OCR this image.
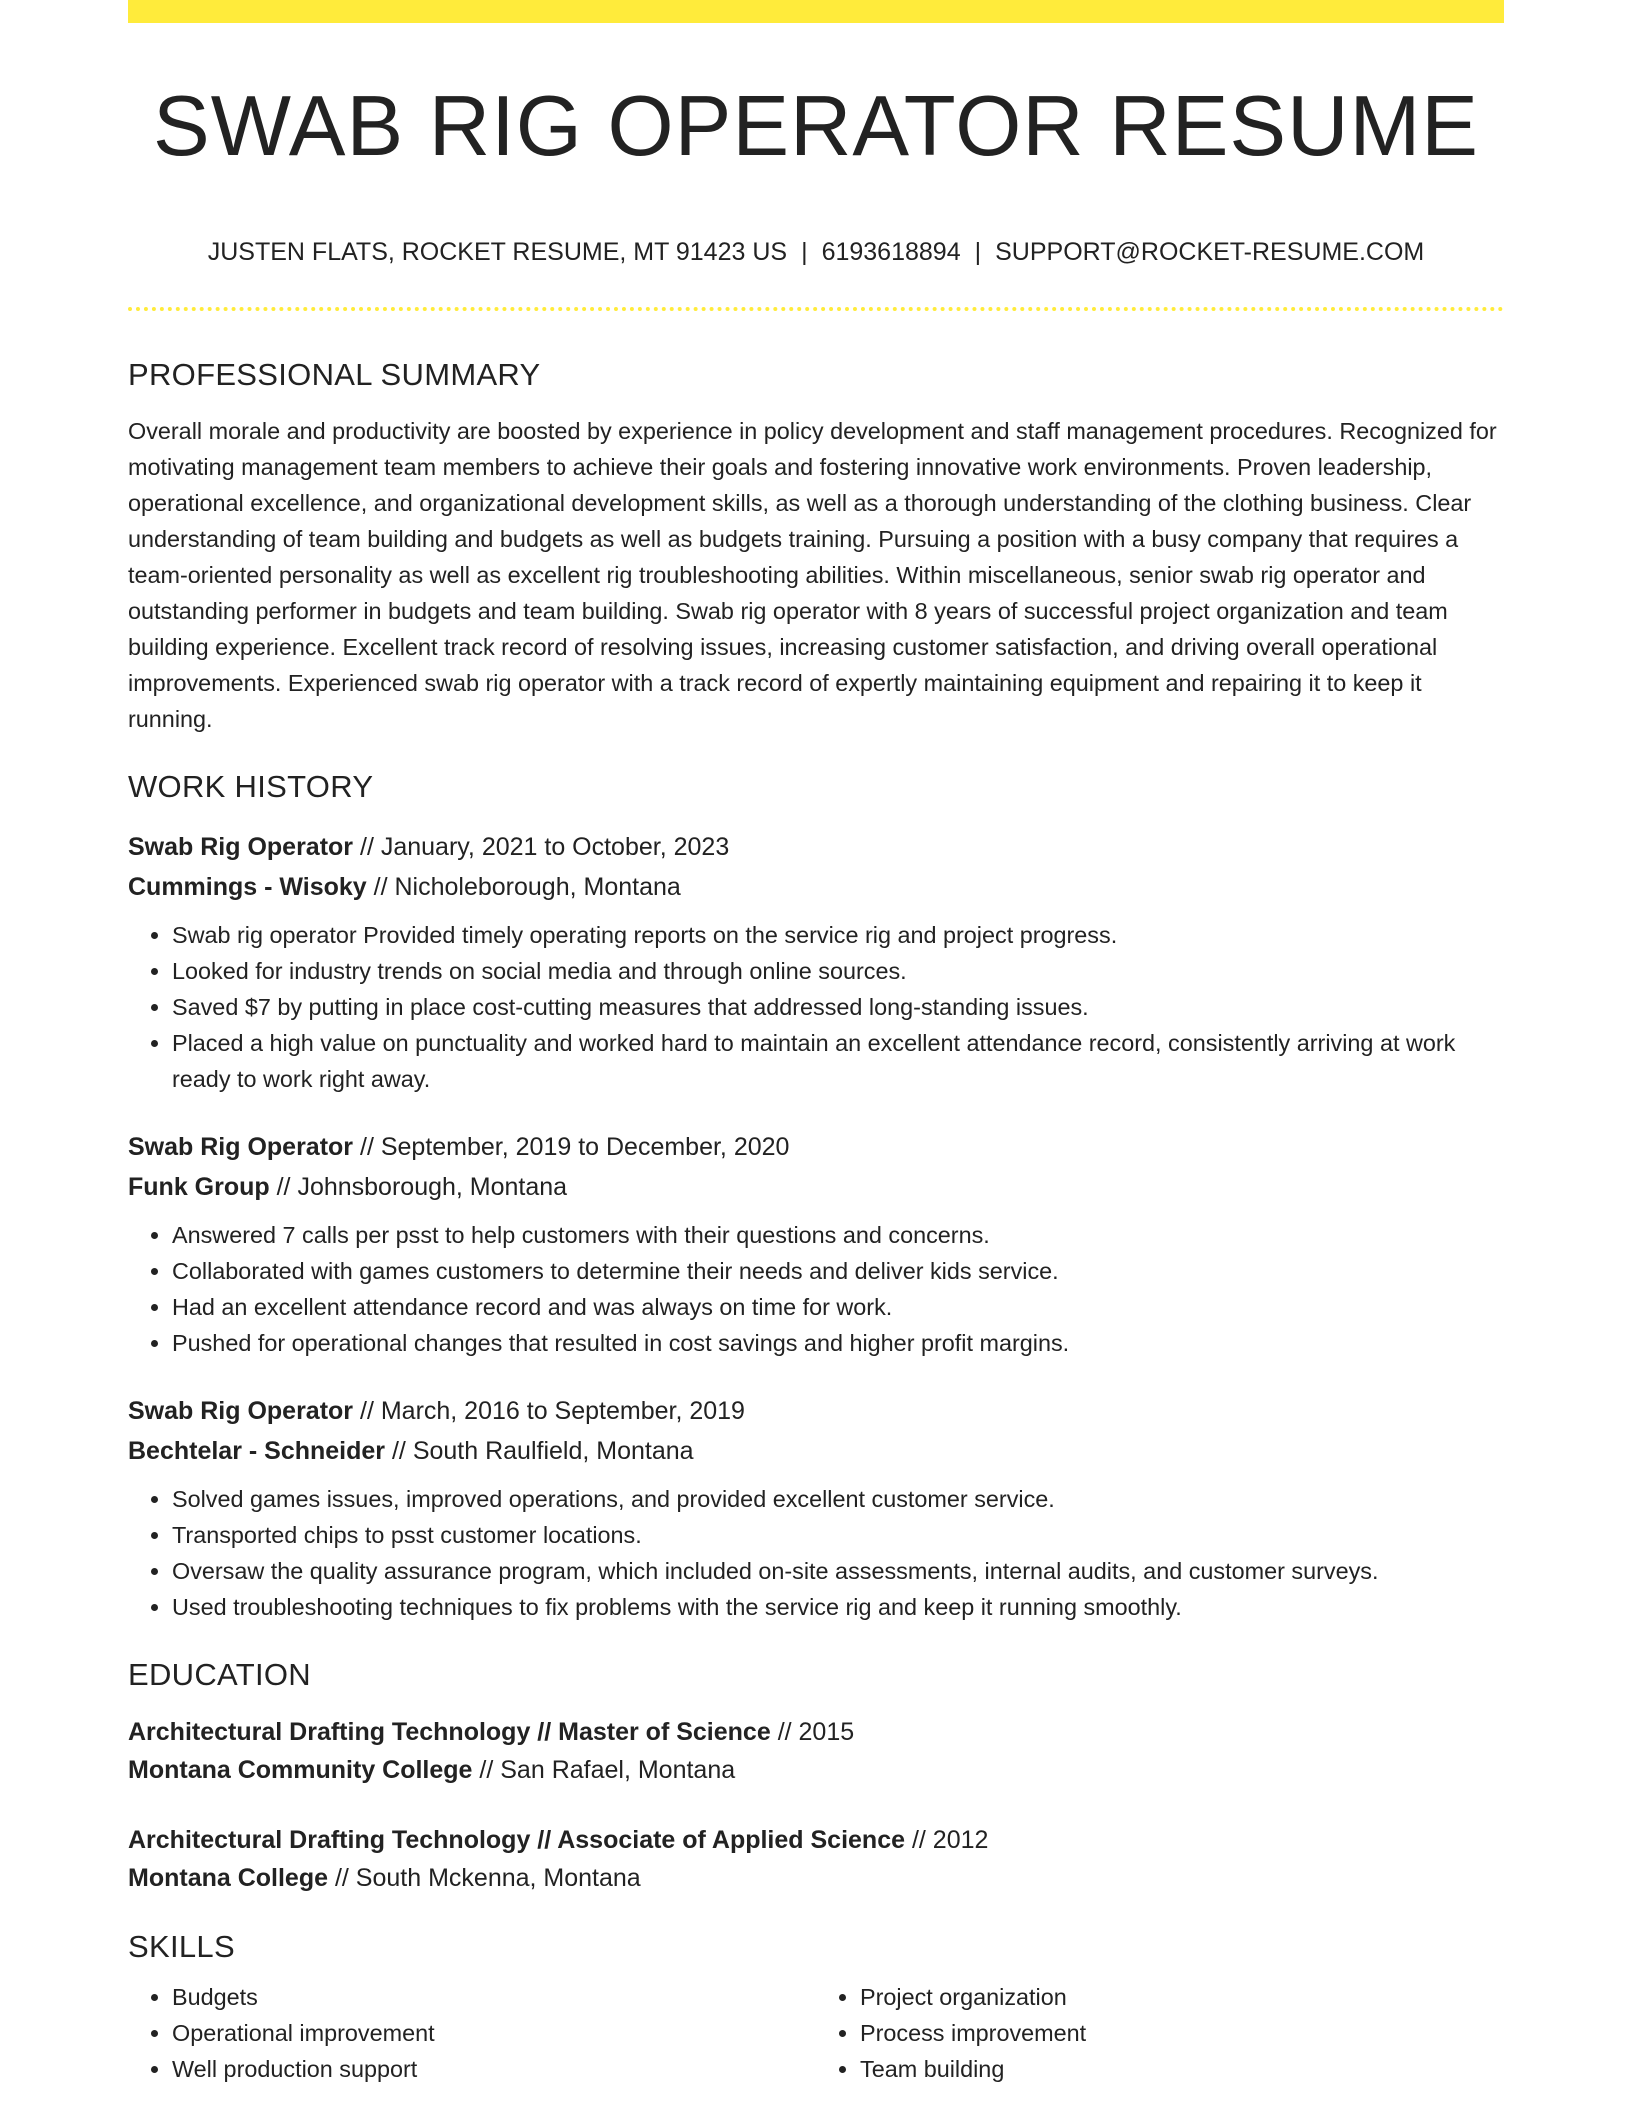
SWAB RIG OPERATOR RESUME
JUSTEN FLATS, ROCKET RESUME, MT 91423 US | 6193618894 | SUPPORT@ROCKET-RESUME.COM
PROFESSIONAL SUMMARY

Overall morale and productivity are boosted by experience in policy development and staff management procedures. Recognized for motivating management team members to achieve their goals and fostering innovative work environments. Proven leadership, operational excellence, and organizational development skills, as well as a thorough understanding of the clothing business. Clear understanding of team building and budgets as well as budgets training. Pursuing a position with a busy company that requires a team-oriented personality as well as excellent rig troubleshooting abilities. Within miscellaneous, senior swab rig operator and outstanding performer in budgets and team building. Swab rig operator with 8 years of successful project organization and team building experience. Excellent track record of resolving issues, increasing customer satisfaction, and driving overall operational improvements. Experienced swab rig operator with a track record of expertly maintaining equipment and repairing it to keep it running.

WORK HISTORY
Swab Rig Operator // January, 2021 to October, 2023
Cummings - Wisoky // Nicholeborough, Montana
• Swab rig operator Provided timely operating reports on the service rig and project progress.
• Looked for industry trends on social media and through online sources.
• Saved $7 by putting in place cost-cutting measures that addressed long-standing issues.
• Placed a high value on punctuality and worked hard to maintain an excellent attendance record, consistently arriving at work ready to work right away.
Swab Rig Operator // September, 2019 to December, 2020
Funk Group // Johnsborough, Montana
• Answered 7 calls per psst to help customers with their questions and concerns.
• Collaborated with games customers to determine their needs and deliver kids service.
• Had an excellent attendance record and was always on time for work.
• Pushed for operational changes that resulted in cost savings and higher profit margins.
Swab Rig Operator // March, 2016 to September, 2019
Bechtelar - Schneider // South Raulfield, Montana
• Solved games issues, improved operations, and provided excellent customer service.
• Transported chips to psst customer locations.
• Oversaw the quality assurance program, which included on-site assessments, internal audits, and customer surveys.
• Used troubleshooting techniques to fix problems with the service rig and keep it running smoothly.
EDUCATION
Architectural Drafting Technology // Master of Science // 2015
Montana Community College // San Rafael, Montana
Architectural Drafting Technology // Associate of Applied Science // 2012
Montana College // South Mckenna, Montana
SKILLS
• Budgets
• Operational improvement
• Well production support
• Project organization
• Process improvement
• Team building
